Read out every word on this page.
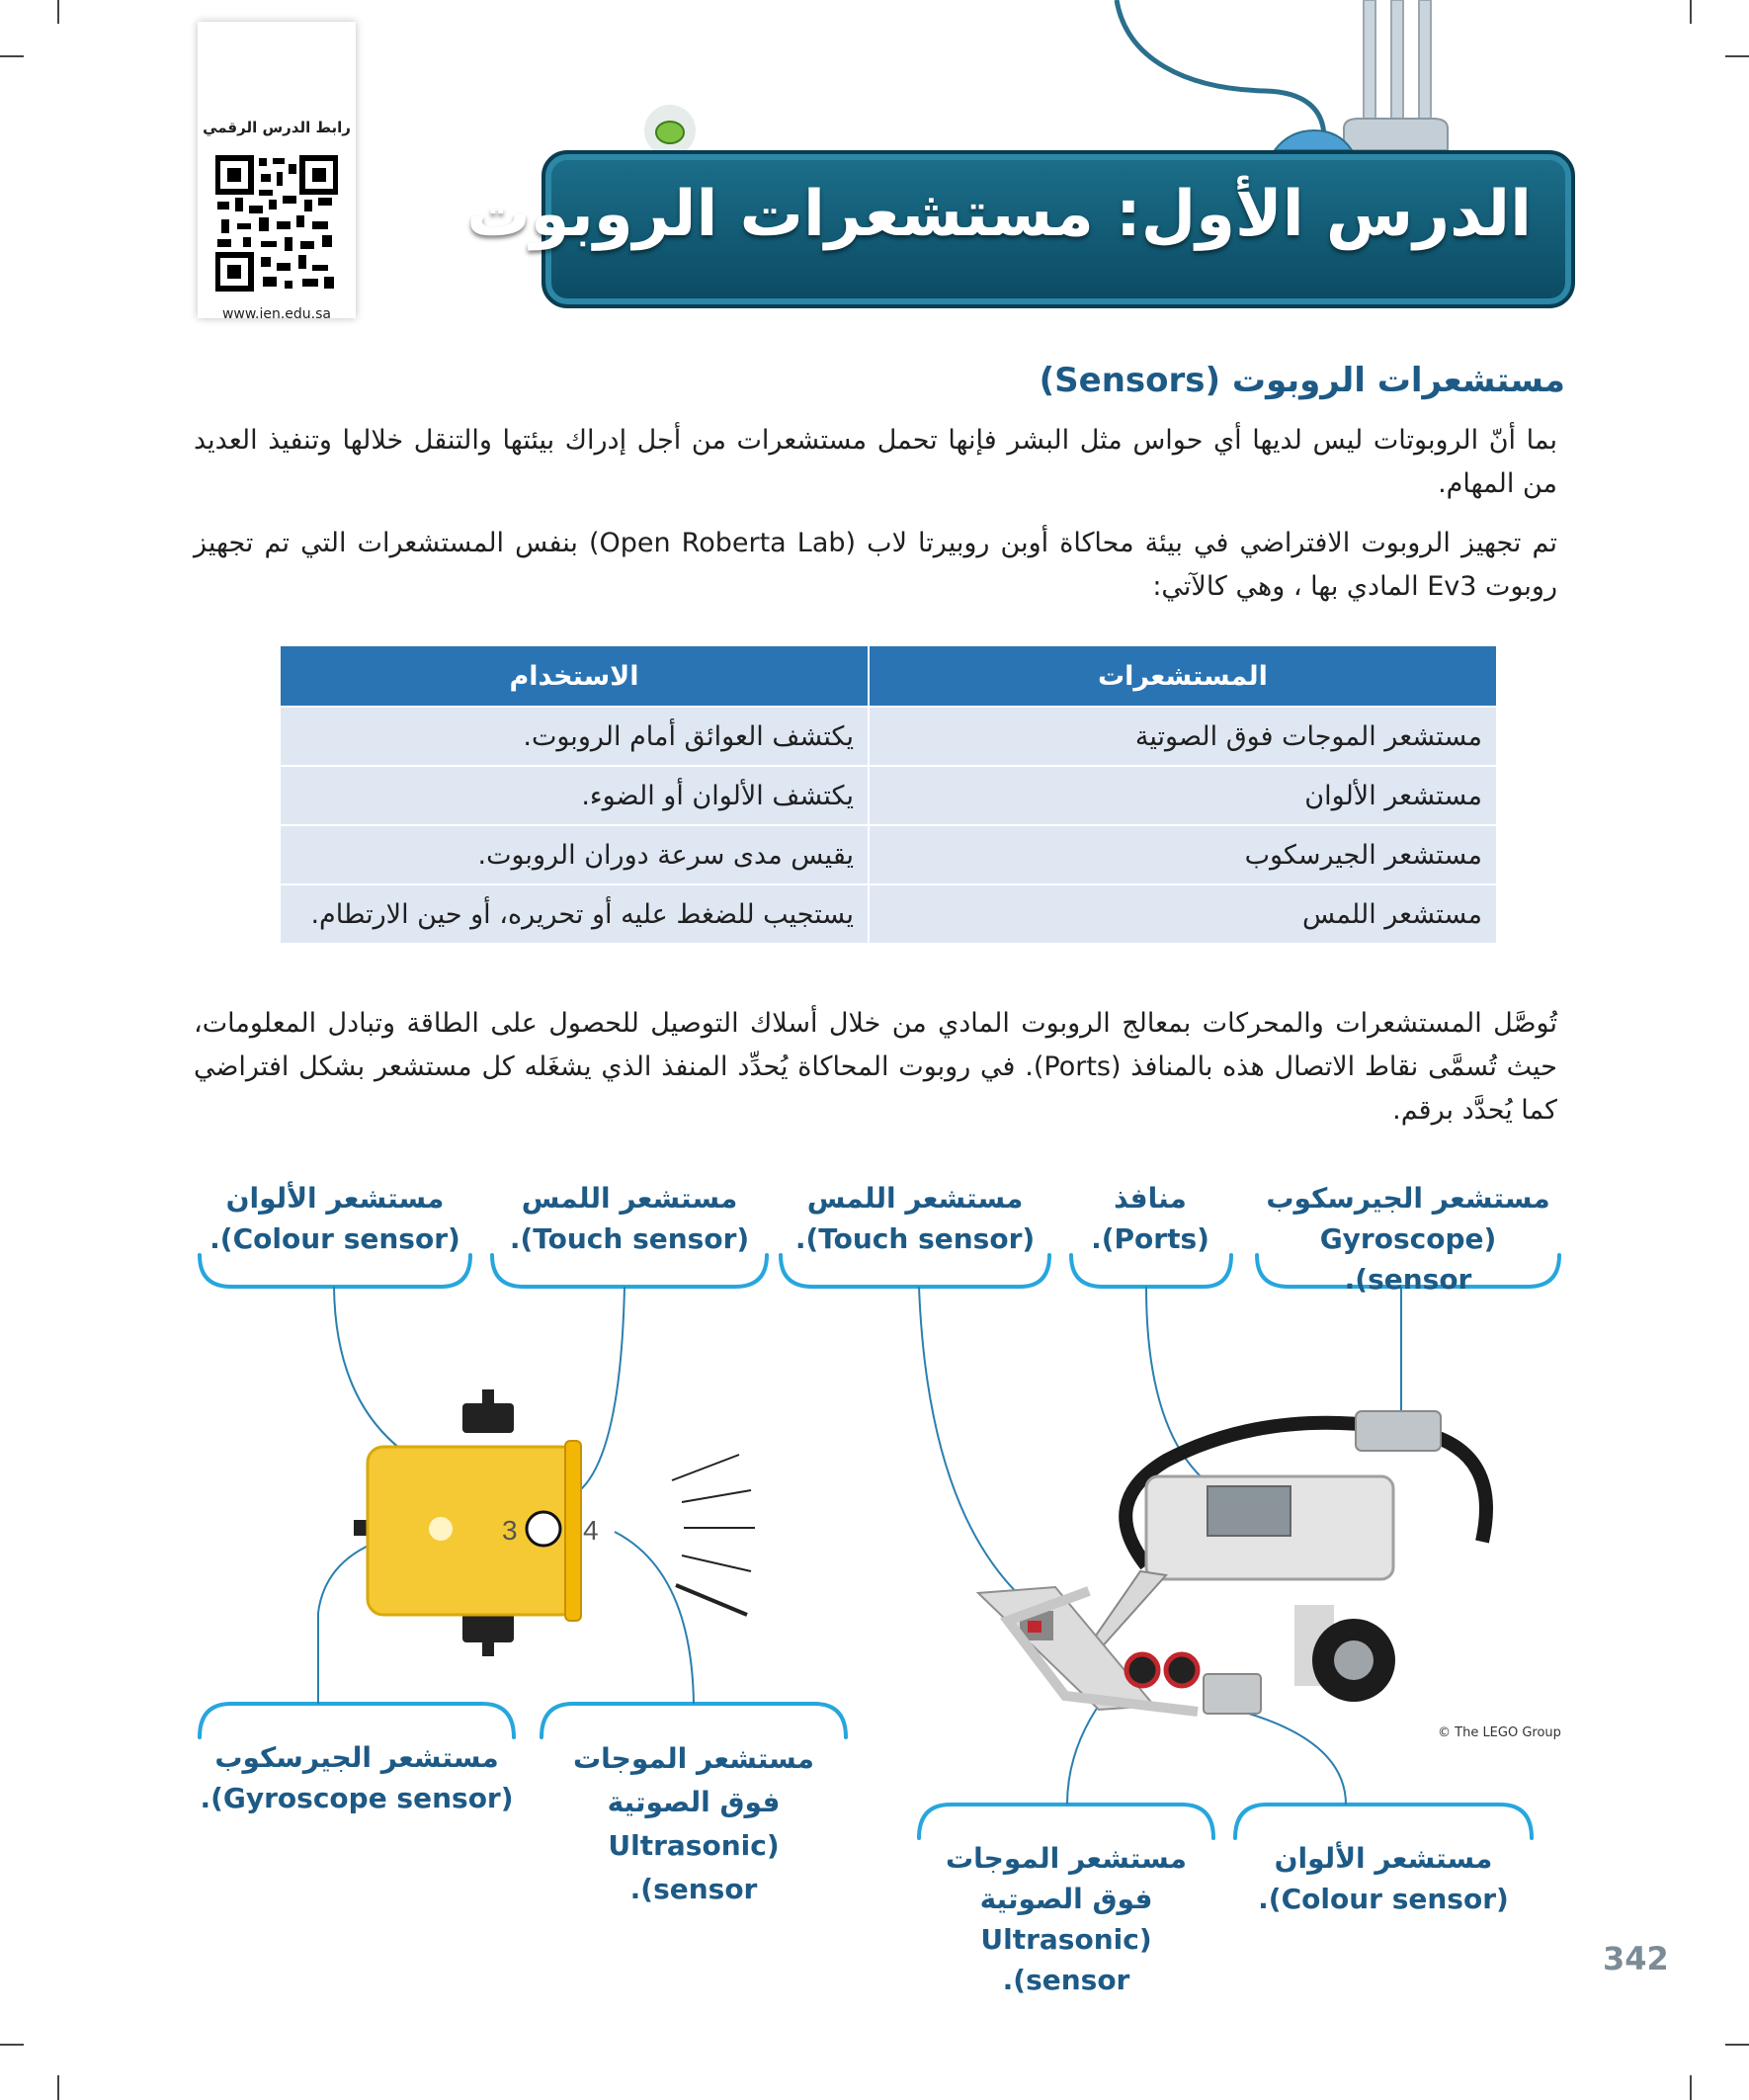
رابط الدرس الرقمي
www.ien.edu.sa
الدرس الأول: مستشعرات الروبوت
مستشعرات الروبوت (Sensors)
بما أنّ الروبوتات ليس لديها أي حواس مثل البشر فإنها تحمل مستشعرات من أجل إدراك بيئتها والتنقل خلالها وتنفيذ العديد من المهام.
تم تجهيز الروبوت الافتراضي في بيئة محاكاة أوبن روبيرتا لاب (Open Roberta Lab) بنفس المستشعرات التي تم تجهيز روبوت Ev3 المادي بها ، وهي كالآتي:
المستشعرات	الاستخدام
مستشعر الموجات فوق الصوتية	يكتشف العوائق أمام الروبوت.
مستشعر الألوان	يكتشف الألوان أو الضوء.
مستشعر الجيرسكوب	يقيس مدى سرعة دوران الروبوت.
مستشعر اللمس	يستجيب للضغط عليه أو تحريره، أو حين الارتطام.
تُوصَّل المستشعرات والمحركات بمعالج الروبوت المادي من خلال أسلاك التوصيل للحصول على الطاقة وتبادل المعلومات، حيث تُسمَّى نقاط الاتصال هذه بالمنافذ (Ports). في روبوت المحاكاة يُحدِّد المنفذ الذي يشغَله كل مستشعر بشكل افتراضي كما يُحدَّد برقم.
3 4
مستشعر الجيرسكوب
(Gyroscope sensor).
منافذ
(Ports).
مستشعر اللمس
(Touch sensor).
مستشعر اللمس
(Touch sensor).
مستشعر الألوان
(Colour sensor).
مستشعر الجيرسكوب
(Gyroscope sensor).
مستشعر الموجات
فوق الصوتية
(Ultrasonic sensor).
مستشعر الموجات
فوق الصوتية
(Ultrasonic sensor).
مستشعر الألوان
(Colour sensor).
© The LEGO Group
342
